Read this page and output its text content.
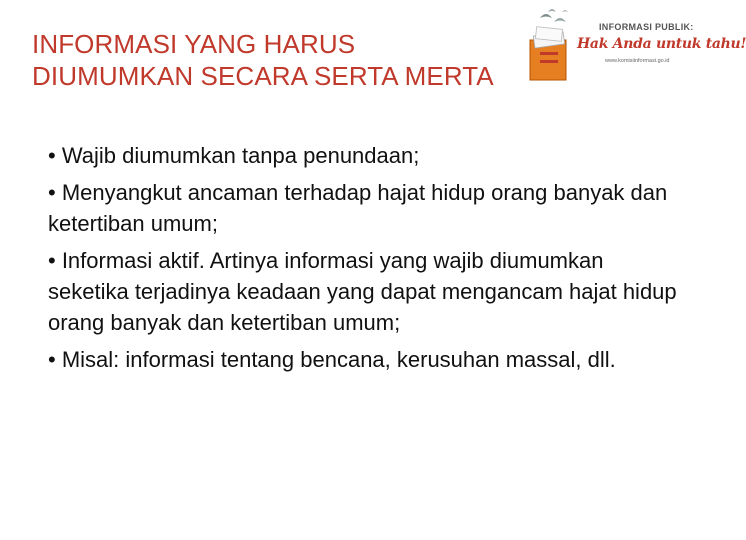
INFORMASI YANG HARUS
DIUMUMKAN SECARA SERTA MERTA
INFORMASI PUBLIK:
Hak Anda untuk tahu!
www.komisiinformasi.go.id
• Wajib diumumkan tanpa penundaan;
• Menyangkut ancaman terhadap hajat hidup orang banyak dan ketertiban umum;
• Informasi aktif. Artinya informasi yang wajib diumumkan seketika terjadinya keadaan yang dapat mengancam hajat hidup orang banyak dan ketertiban umum;
• Misal: informasi tentang bencana, kerusuhan massal, dll.
